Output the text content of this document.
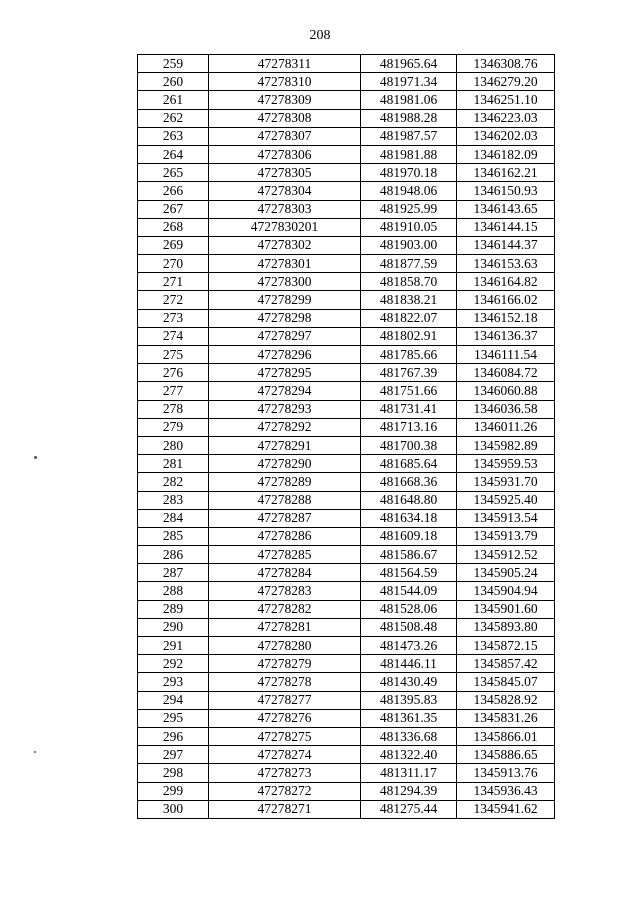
208
259	47278311	481965.64	1346308.76
260	47278310	481971.34	1346279.20
261	47278309	481981.06	1346251.10
262	47278308	481988.28	1346223.03
263	47278307	481987.57	1346202.03
264	47278306	481981.88	1346182.09
265	47278305	481970.18	1346162.21
266	47278304	481948.06	1346150.93
267	47278303	481925.99	1346143.65
268	4727830201	481910.05	1346144.15
269	47278302	481903.00	1346144.37
270	47278301	481877.59	1346153.63
271	47278300	481858.70	1346164.82
272	47278299	481838.21	1346166.02
273	47278298	481822.07	1346152.18
274	47278297	481802.91	1346136.37
275	47278296	481785.66	1346111.54
276	47278295	481767.39	1346084.72
277	47278294	481751.66	1346060.88
278	47278293	481731.41	1346036.58
279	47278292	481713.16	1346011.26
280	47278291	481700.38	1345982.89
281	47278290	481685.64	1345959.53
282	47278289	481668.36	1345931.70
283	47278288	481648.80	1345925.40
284	47278287	481634.18	1345913.54
285	47278286	481609.18	1345913.79
286	47278285	481586.67	1345912.52
287	47278284	481564.59	1345905.24
288	47278283	481544.09	1345904.94
289	47278282	481528.06	1345901.60
290	47278281	481508.48	1345893.80
291	47278280	481473.26	1345872.15
292	47278279	481446.11	1345857.42
293	47278278	481430.49	1345845.07
294	47278277	481395.83	1345828.92
295	47278276	481361.35	1345831.26
296	47278275	481336.68	1345866.01
297	47278274	481322.40	1345886.65
298	47278273	481311.17	1345913.76
299	47278272	481294.39	1345936.43
300	47278271	481275.44	1345941.62
